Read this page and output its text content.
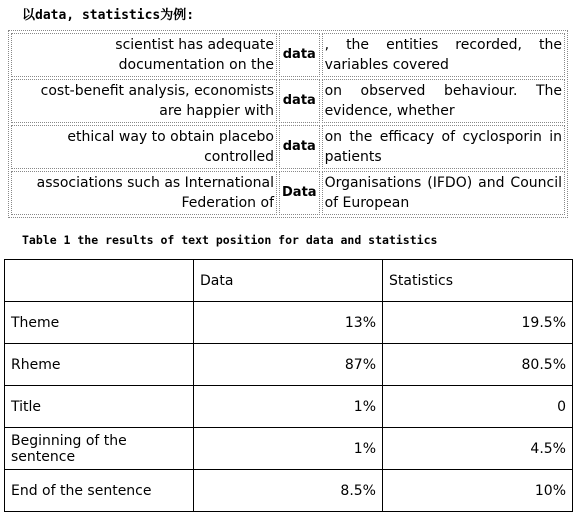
以data, statistics为例:
scientist has adequate documentation on the	data	, the entities recorded, the variables covered
cost-benefit analysis, economists are happier with	data	on observed behaviour. The evidence, whether
ethical way to obtain placebo controlled	data	on the efficacy of cyclosporin in patients
associations such as International Federation of	Data	Organisations (IFDO) and Council of European
Table 1 the results of text position for data and statistics
	Data	Statistics
Theme	13%	19.5%
Rheme	87%	80.5%
Title	1%	0
Beginning of the sentence	1%	4.5%
End of the sentence	8.5%	10%
